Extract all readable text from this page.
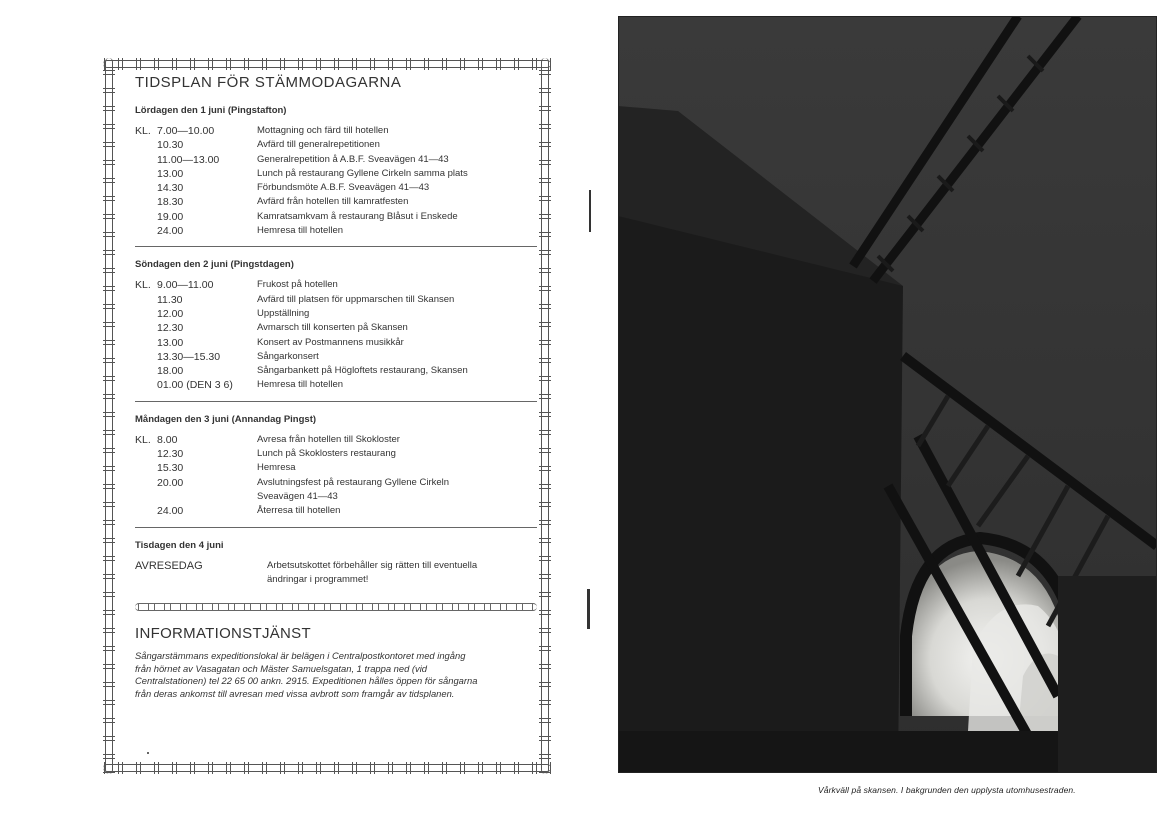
TIDSPLAN FÖR STÄMMODAGARNA
Lördagen den 1 juni (Pingstafton)
KL. 7.00—10.00	Mottagning och färd till hotellen
10.30	Avfärd till generalrepetitionen
11.00—13.00	Generalrepetition å A.B.F. Sveavägen 41—43
13.00	Lunch på restaurang Gyllene Cirkeln samma plats
14.30	Förbundsmöte A.B.F. Sveavägen 41—43
18.30	Avfärd från hotellen till kamratfesten
19.00	Kamratsamkvam å restaurang Blåsut i Enskede
24.00	Hemresa till hotellen
Söndagen den 2 juni (Pingstdagen)
KL. 9.00—11.00	Frukost på hotellen
11.30	Avfärd till platsen för uppmarschen till Skansen
12.00	Uppställning
12.30	Avmarsch till konserten på Skansen
13.00	Konsert av Postmannens musikkår
13.30—15.30	Sångarkonsert
18.00	Sångarbankett på Högloftets restaurang, Skansen
01.00 (DEN 3 6)	Hemresa till hotellen
Måndagen den 3 juni (Annandag Pingst)
KL. 8.00	Avresa från hotellen till Skokloster
12.30	Lunch på Skoklosters restaurang
15.30	Hemresa
20.00	Avslutningsfest på restaurang Gyllene Cirkeln
Sveavägen 41—43
24.00	Återresa till hotellen
Tisdagen den 4 juni
AVRESEDAG	Arbetsutskottet förbehåller sig rätten till eventuella ändringar i programmet!
INFORMATIONSTJÄNST

Sångarstämmans expeditionslokal är belägen i Centralpostkontoret med ingång från hörnet av Vasagatan och Mäster Samuelsgatan, 1 trappa ned (vid Centralstationen) tel 22 65 00 ankn. 2915. Expeditionen hålles öppen för sångarna från deras ankomst till avresan med vissa avbrott som framgår av tidsplanen.

Vårkväll på skansen. I bakgrunden den upplysta utomhusestraden.
